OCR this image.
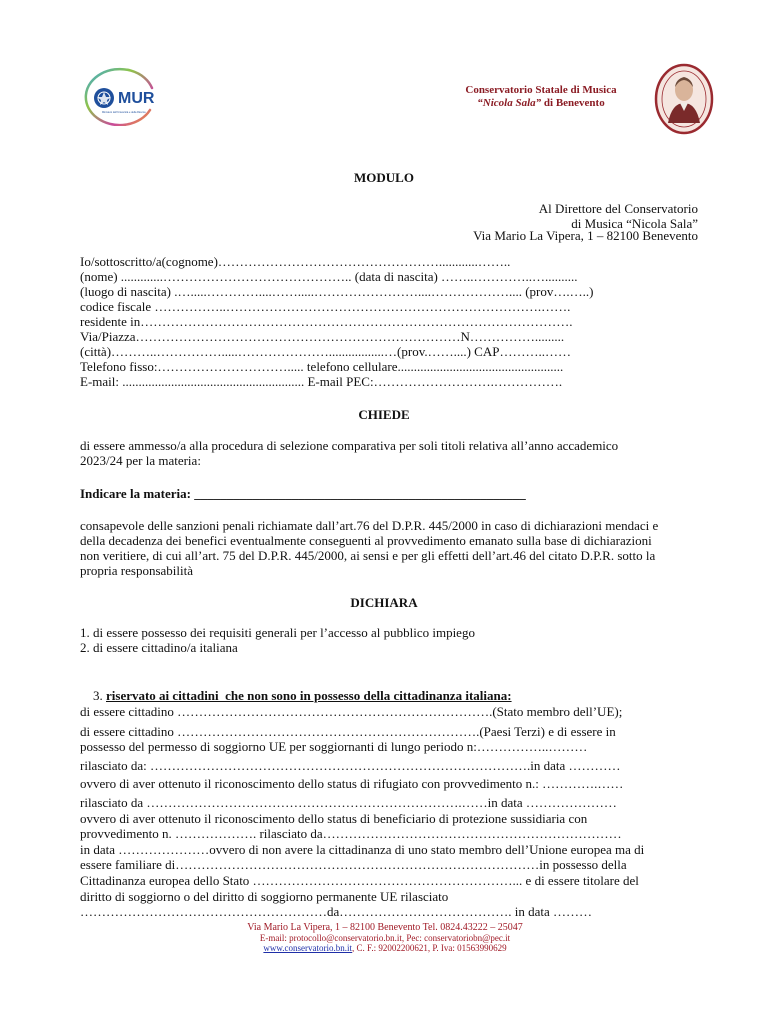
MUR
Ministero dell'Università e della Ricerca
Conservatorio Statale di Musica
“Nicola Sala” di Benevento
MODULO
Al Direttore del Conservatorio
di Musica “Nicola Sala”
Via Mario La Vipera, 1 – 82100 Benevento
Io/sottoscritto/a(cognome)……………………………………………............……..
(nome) .............…………………………………….. (data di nascita) ……..…………..…..........
(luogo di nascita) .….....…………....…….....……………………....……………….... (prov….…..)
codice fiscale ……………..……………………………………………………………….…….
residente in……………………………………………………………………………………….
Via/Piazza…………………………………………………………………N…………….........
(città)………..…………….....………………….................…(prov.……....) CAP………..……
Telefono fisso:…………………………..... telefono cellulare...................................................
E-mail: ........................................................ E-mail PEC:……………………….…………….
CHIEDE
di essere ammesso/a alla procedura di selezione comparativa per soli titoli relativa all’anno accademico
2023/24 per la materia:
Indicare la materia: ___________________________________________________
consapevole delle sanzioni penali richiamate dall’art.76 del D.P.R. 445/2000 in caso di dichiarazioni mendaci e
della decadenza dei benefici eventualmente conseguenti al provvedimento emanato sulla base di dichiarazioni
non veritiere, di cui all’art. 75 del D.P.R. 445/2000, ai sensi e per gli effetti dell’art.46 del citato D.P.R. sotto la
propria responsabilità
DICHIARA
1. di essere possesso dei requisiti generali per l’accesso al pubblico impiego
2. di essere cittadino/a italiana

3. riservato ai cittadini  che non sono in possesso della cittadinanza italiana:

di essere cittadino ……………………………………………………………….(Stato membro dell’UE);
di essere cittadino …………………………………………………………….(Paesi Terzi) e di essere in
possesso del permesso di soggiorno UE per soggiornanti di lungo periodo n:……………..………
rilasciato da: …………………………………………………………………………….in data …………
ovvero di aver ottenuto il riconoscimento dello status di rifugiato con provvedimento n.: ………….……
rilasciato da ……………………………………………………………….……in data …………………
ovvero di aver ottenuto il riconoscimento dello status di beneficiario di protezione sussidiaria con
provvedimento n. ………………. rilasciato da……………………………………………………………
in data …………………ovvero di non avere la cittadinanza di uno stato membro dell’Unione europea ma di
essere familiare di…………………………………………………………………………in possesso della
Cittadinanza europea dello Stato ……………………………………………………... e di essere titolare del
diritto di soggiorno o del diritto di soggiorno permanente UE rilasciato
…………………………………………………da…………………………………. in data ………
Via Mario La Vipera, 1 – 82100 Benevento Tel. 0824.43222 – 25047
E-mail: protocollo@conservatorio.bn.it, Pec: conservatoriobn@pec.it
www.conservatorio.bn.it, C. F.: 92002200621, P. Iva: 01563990629
